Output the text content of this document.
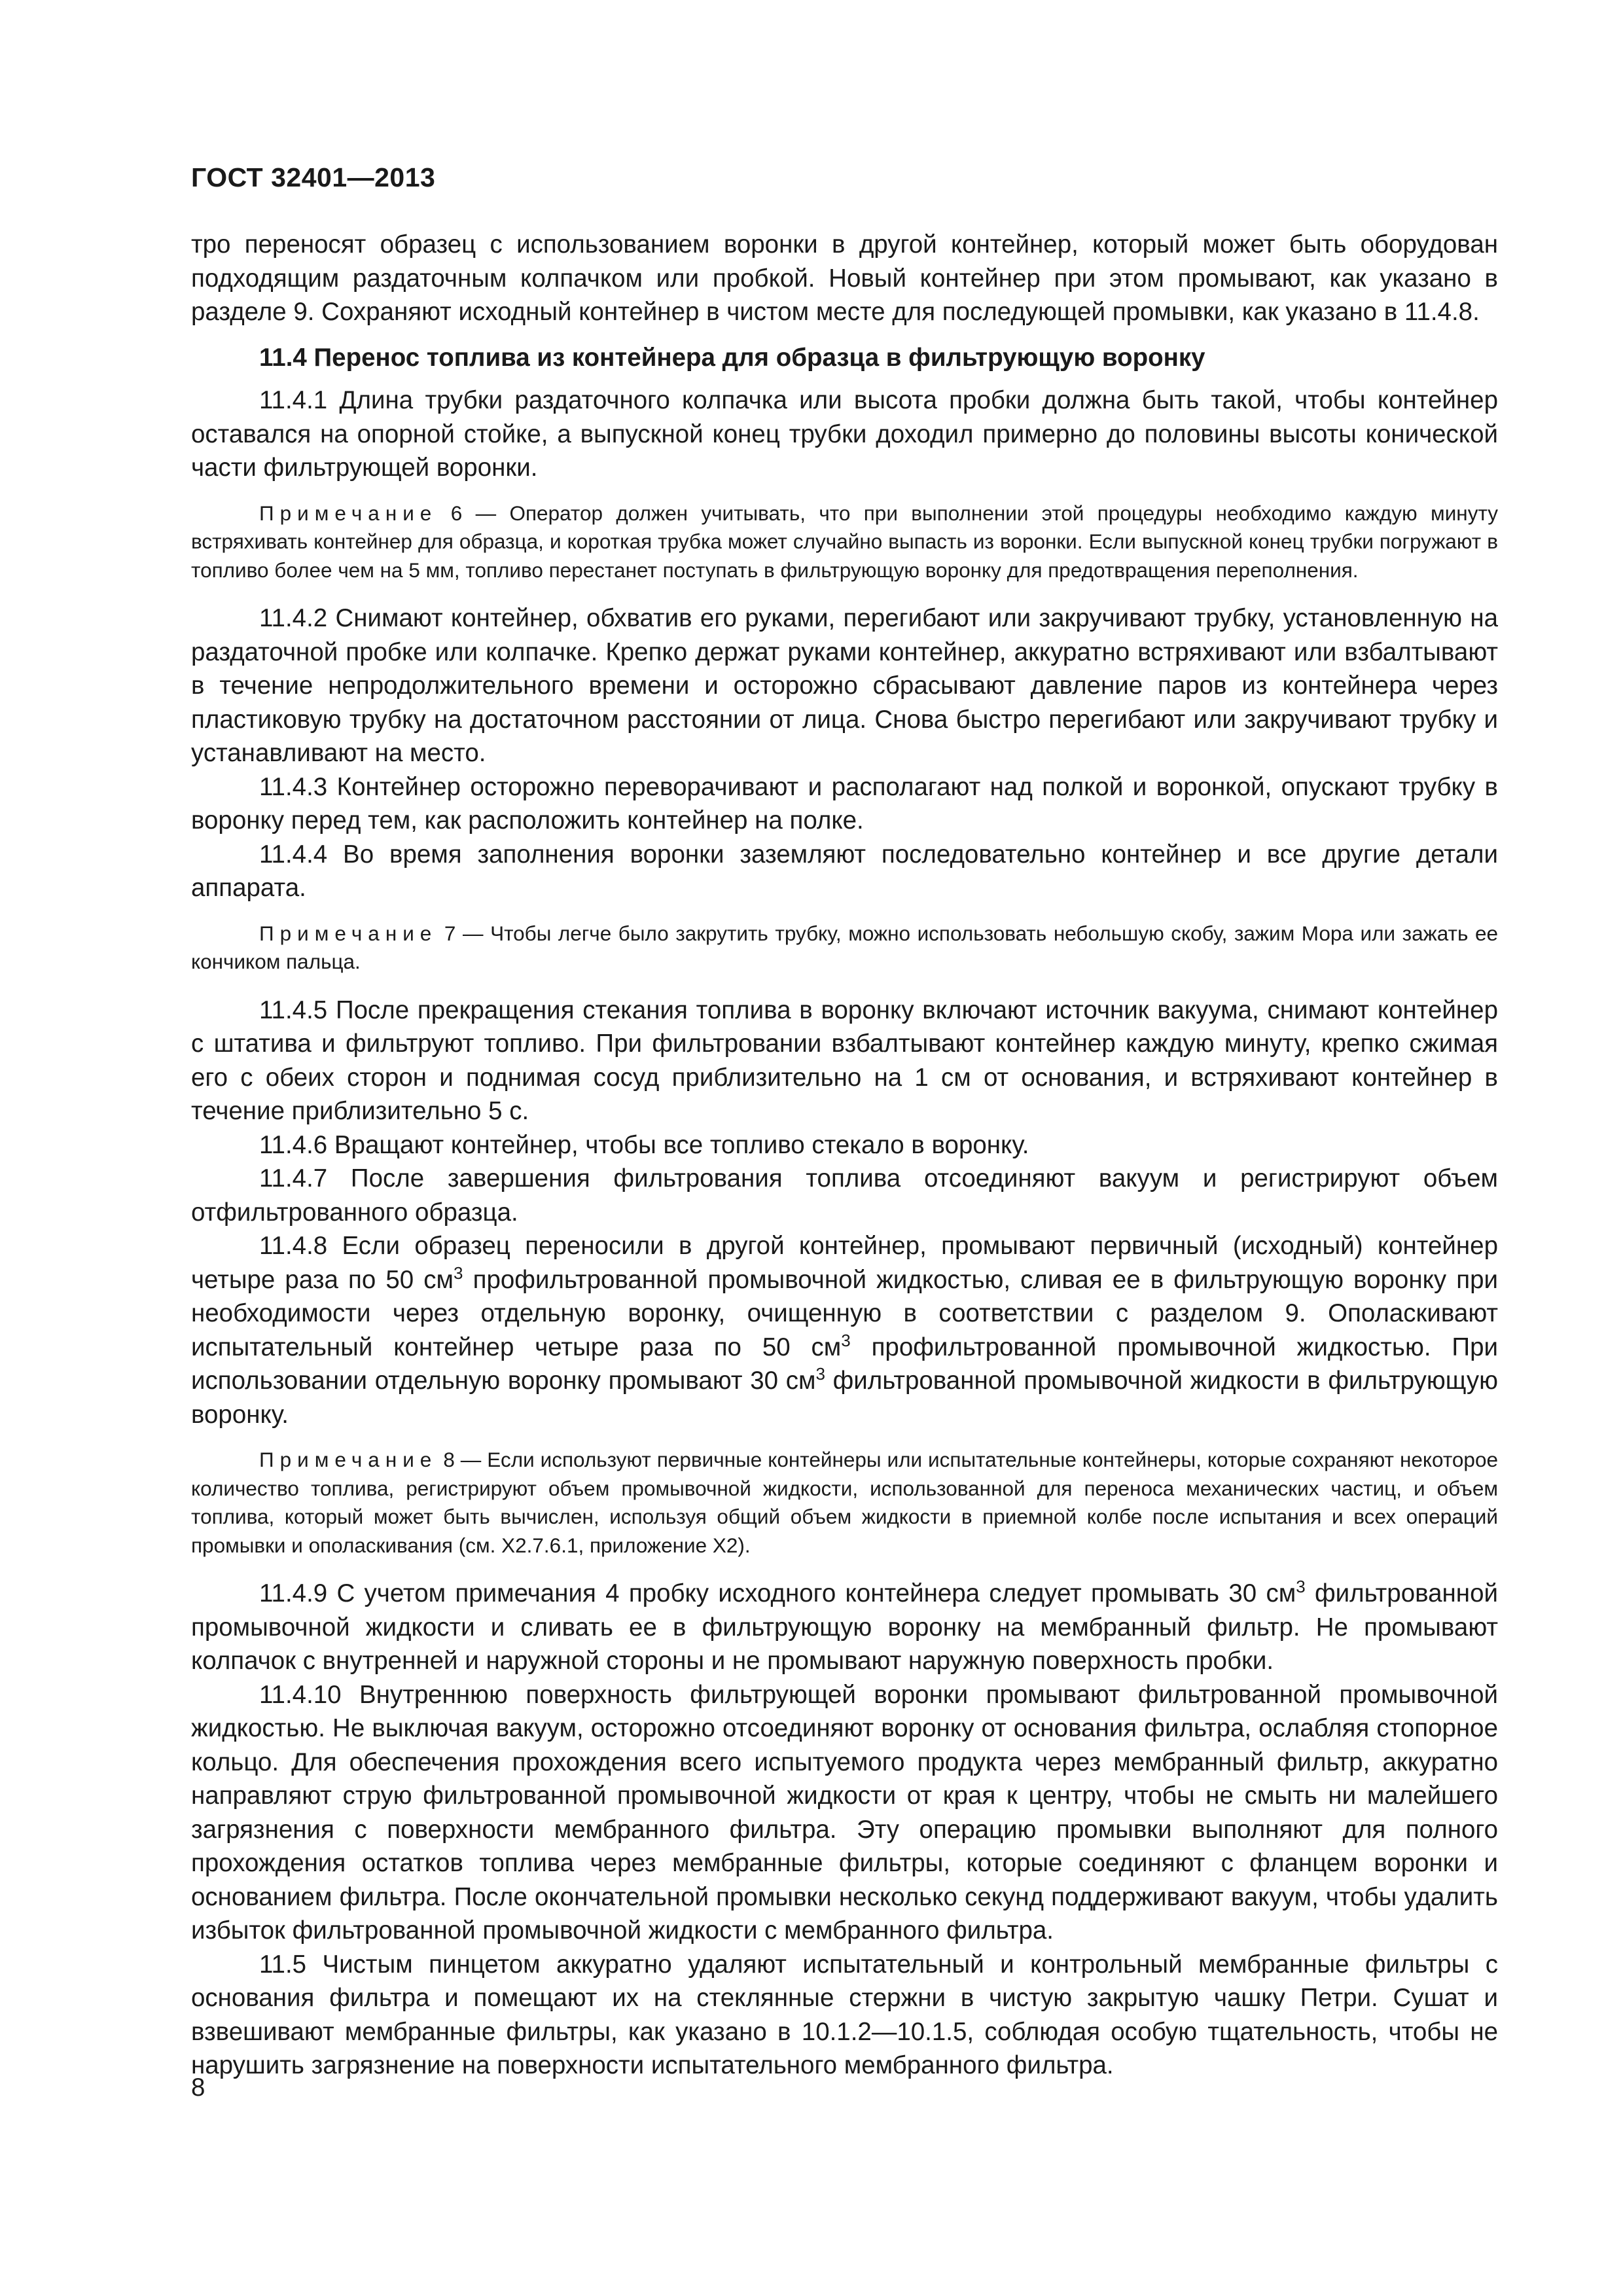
ГОСТ 32401—2013

тро переносят образец с использованием воронки в другой контейнер, который может быть оборудован подходящим раздаточным колпачком или пробкой. Новый контейнер при этом промывают, как указано в разделе 9. Сохраняют исходный контейнер в чистом месте для последующей промывки, как указано в 11.4.8.

11.4 Перенос топлива из контейнера для образца в фильтрующую воронку

11.4.1 Длина трубки раздаточного колпачка или высота пробки должна быть такой, чтобы контейнер оставался на опорной стойке, а выпускной конец трубки доходил примерно до половины высоты конической части фильтрующей воронки.

Примечание 6 — Оператор должен учитывать, что при выполнении этой процедуры необходимо каждую минуту встряхивать контейнер для образца, и короткая трубка может случайно выпасть из воронки. Если выпускной конец трубки погружают в топливо более чем на 5 мм, топливо перестанет поступать в фильтрующую воронку для предотвращения переполнения.

11.4.2 Снимают контейнер, обхватив его руками, перегибают или закручивают трубку, установленную на раздаточной пробке или колпачке. Крепко держат руками контейнер, аккуратно встряхивают или взбалтывают в течение непродолжительного времени и осторожно сбрасывают давление паров из контейнера через пластиковую трубку на достаточном расстоянии от лица. Снова быстро перегибают или закручивают трубку и устанавливают на место.

11.4.3 Контейнер осторожно переворачивают и располагают над полкой и воронкой, опускают трубку в воронку перед тем, как расположить контейнер на полке.

11.4.4 Во время заполнения воронки заземляют последовательно контейнер и все другие детали аппарата.

Примечание 7 — Чтобы легче было закрутить трубку, можно использовать небольшую скобу, зажим Мора или зажать ее кончиком пальца.

11.4.5 После прекращения стекания топлива в воронку включают источник вакуума, снимают контейнер с штатива и фильтруют топливо. При фильтровании взбалтывают контейнер каждую минуту, крепко сжимая его с обеих сторон и поднимая сосуд приблизительно на 1 см от основания, и встряхивают контейнер в течение приблизительно 5 с.

11.4.6 Вращают контейнер, чтобы все топливо стекало в воронку.

11.4.7 После завершения фильтрования топлива отсоединяют вакуум и регистрируют объем отфильтрованного образца.

11.4.8 Если образец переносили в другой контейнер, промывают первичный (исходный) контейнер четыре раза по 50 $см^3$ профильтрованной промывочной жидкостью, сливая ее в фильтрующую воронку при необходимости через отдельную воронку, очищенную в соответствии с разделом 9. Ополаскивают испытательный контейнер четыре раза по 50 $см^3$ профильтрованной промывочной жидкостью. При использовании отдельную воронку промывают 30 $см^3$ фильтрованной промывочной жидкости в фильтрующую воронку.

Примечание 8 — Если используют первичные контейнеры или испытательные контейнеры, которые сохраняют некоторое количество топлива, регистрируют объем промывочной жидкости, использованной для переноса механических частиц, и объем топлива, который может быть вычислен, используя общий объем жидкости в приемной колбе после испытания и всех операций промывки и ополаскивания (см. Х2.7.6.1, приложение Х2).

11.4.9 С учетом примечания 4 пробку исходного контейнера следует промывать 30 $см^3$ фильтрованной промывочной жидкости и сливать ее в фильтрующую воронку на мембранный фильтр. Не промывают колпачок с внутренней и наружной стороны и не промывают наружную поверхность пробки.

11.4.10 Внутреннюю поверхность фильтрующей воронки промывают фильтрованной промывочной жидкостью. Не выключая вакуум, осторожно отсоединяют воронку от основания фильтра, ослабляя стопорное кольцо. Для обеспечения прохождения всего испытуемого продукта через мембранный фильтр, аккуратно направляют струю фильтрованной промывочной жидкости от края к центру, чтобы не смыть ни малейшего загрязнения с поверхности мембранного фильтра. Эту операцию промывки выполняют для полного прохождения остатков топлива через мембранные фильтры, которые соединяют с фланцем воронки и основанием фильтра. После окончательной промывки несколько секунд поддерживают вакуум, чтобы удалить избыток фильтрованной промывочной жидкости с мембранного фильтра.

11.5 Чистым пинцетом аккуратно удаляют испытательный и контрольный мембранные фильтры с основания фильтра и помещают их на стеклянные стержни в чистую закрытую чашку Петри. Сушат и взвешивают мембранные фильтры, как указано в 10.1.2—10.1.5, соблюдая особую тщательность, чтобы не нарушить загрязнение на поверхности испытательного мембранного фильтра.

8
